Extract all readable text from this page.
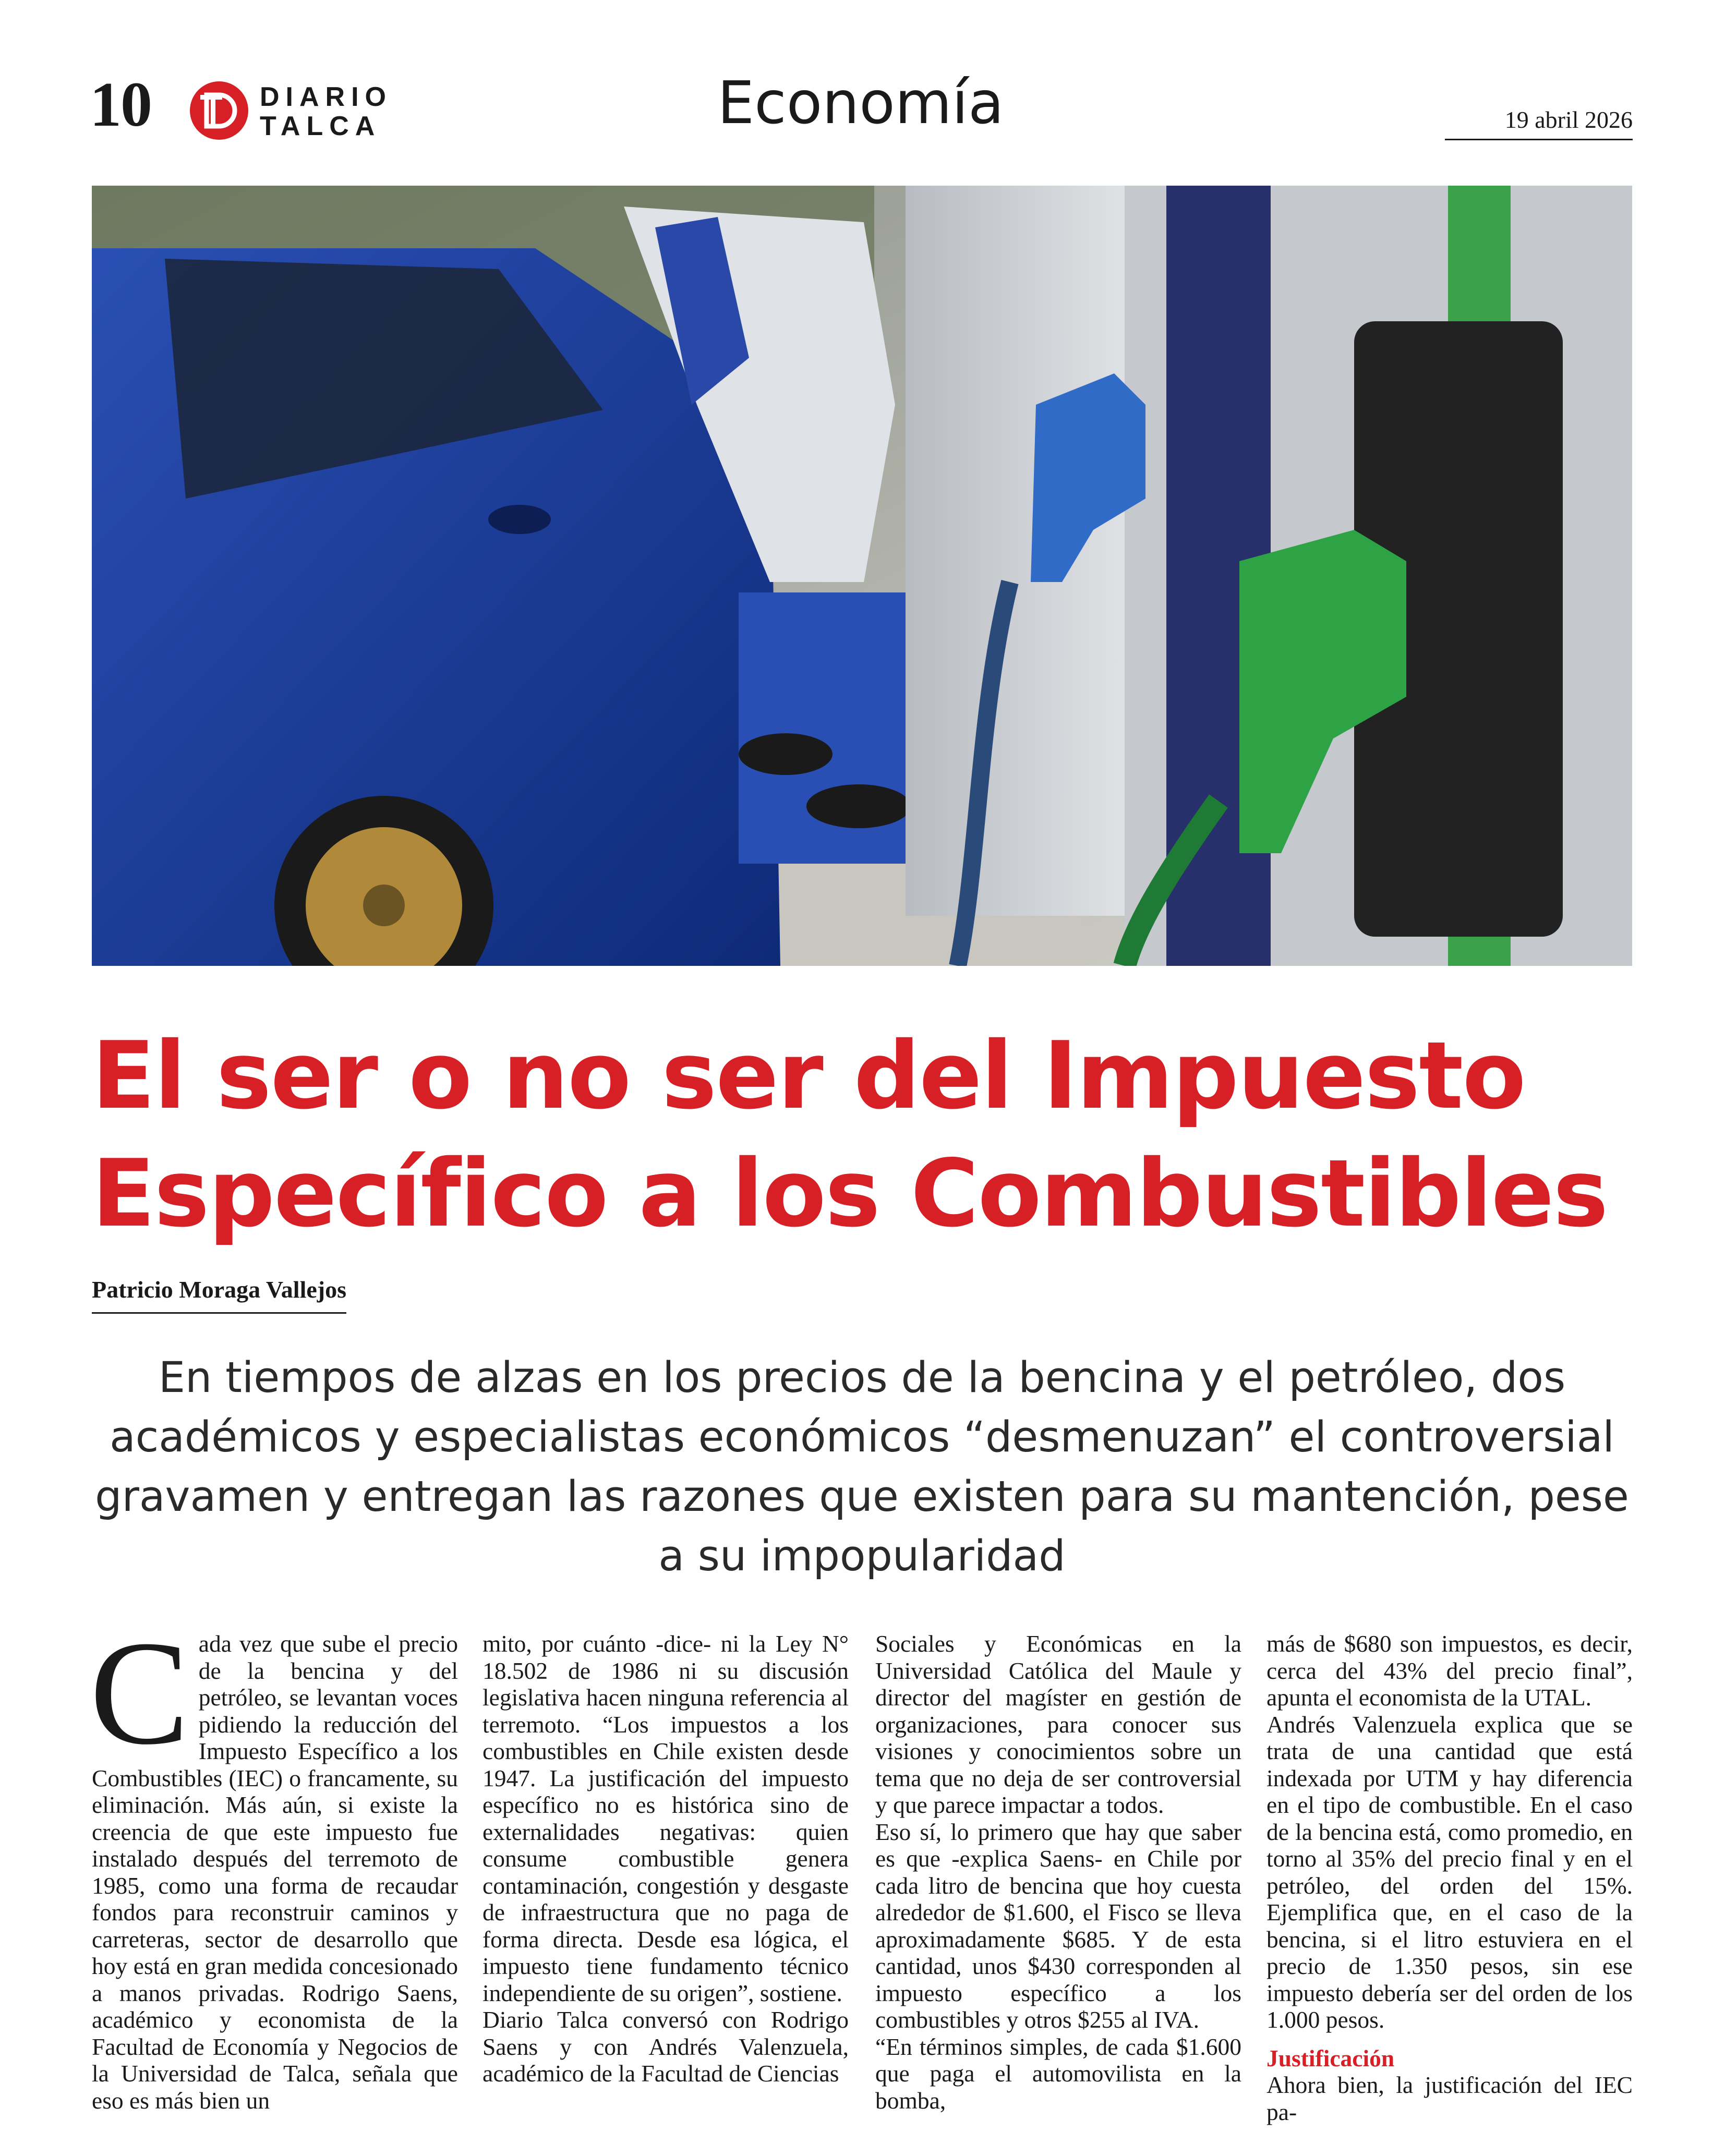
10	DIARIO
TALCA	Economía	19 abril 2026
El ser o no ser del Impuesto
Específico a los Combustibles
Patricio Moraga Vallejos
En tiempos de alzas en los precios de la bencina y el petróleo, dos académicos y especialistas económicos “desmenuzan” el controversial gravamen y entregan las razones que existen para su mantención, pese a su impopularidad
C ada vez que sube el precio de la bencina y del petróleo, se levantan voces pidiendo la reducción del Impuesto Específico a los Combustibles (IEC) o francamente, su eliminación. Más aún, si existe la creencia de que este impuesto fue instalado después del terremoto de 1985, como una forma de recaudar fondos para reconstruir caminos y carreteras, sector de desarrollo que hoy está en gran medida concesionado a manos privadas. Rodrigo Saens, académico y economista de la Facultad de Economía y Negocios de la Universidad de Talca, señala que eso es más bien un

mito, por cuánto -dice- ni la Ley N° 18.502 de 1986 ni su discusión legislativa hacen ninguna referencia al terremoto. “Los impuestos a los combustibles en Chile existen desde 1947. La justificación del impuesto específico no es histórica sino de externalidades negativas: quien consume combustible genera contaminación, congestión y desgaste de infraestructura que no paga de forma directa. Desde esa lógica, el impuesto tiene fundamento técnico independiente de su origen”, sostiene.

Diario Talca conversó con Rodrigo Saens y con Andrés Valenzuela, académico de la Facultad de Ciencias

Sociales y Económicas en la Universidad Católica del Maule y director del magíster en gestión de organizaciones, para conocer sus visiones y conocimientos sobre un tema que no deja de ser controversial y que parece impactar a todos.

Eso sí, lo primero que hay que saber es que -explica Saens- en Chile por cada litro de bencina que hoy cuesta alrededor de $1.600, el Fisco se lleva aproximadamente $685. Y de esta cantidad, unos $430 corresponden al impuesto específico a los combustibles y otros $255 al IVA.

“En términos simples, de cada $1.600 que paga el automovilista en la bomba,

más de $680 son impuestos, es decir, cerca del 43% del precio final”, apunta el economista de la UTAL.

Andrés Valenzuela explica que se trata de una cantidad que está indexada por UTM y hay diferencia en el tipo de combustible. En el caso de la bencina está, como promedio, en torno al 35% del precio final y en el petróleo, del orden del 15%. Ejemplifica que, en el caso de la bencina, si el litro estuviera en el precio de 1.350 pesos, sin ese impuesto debería ser del orden de los 1.000 pesos.

Justificación

Ahora bien, la justificación del IEC pa-
